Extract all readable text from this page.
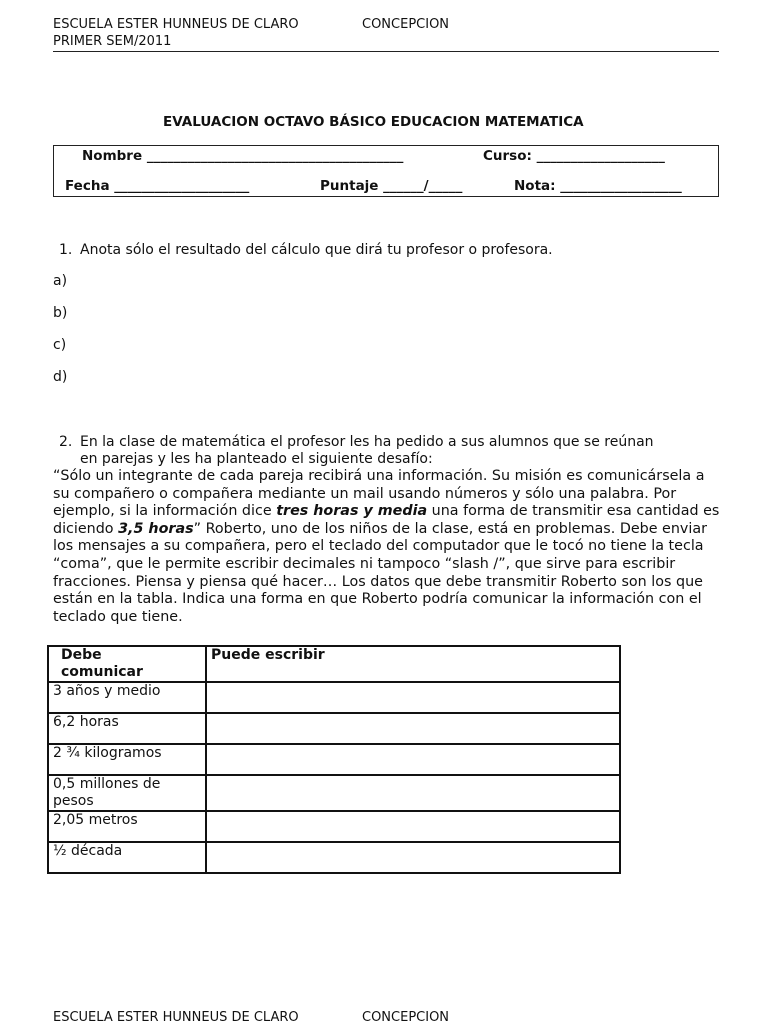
ESCUELA ESTER HUNNEUS DE CLARO	CONCEPCION
PRIMER SEM/2011
EVALUACION OCTAVO BÁSICO EDUCACION MATEMATICA
Nombre ______________________________________	Curso: ___________________
Fecha ____________________	Puntaje ______/_____	Nota: __________________
1. Anota sólo el resultado del cálculo que dirá tu profesor o profesora.
a)
b)
c)
d)
2. En la clase de matemática el profesor les ha pedido a sus alumnos que se reúnan
en parejas y les ha planteado el siguiente desafío:
“Sólo un integrante de cada pareja recibirá una información. Su misión es comunicársela a su compañero o compañera mediante un mail usando números y sólo una palabra. Por ejemplo, si la información dice tres horas y media una forma de transmitir esa cantidad es diciendo 3,5 horas” Roberto, uno de los niños de la clase, está en problemas. Debe enviar los mensajes a su compañera, pero el teclado del computador que le tocó no tiene la tecla “coma”, que le permite escribir decimales ni tampoco “slash /”, que sirve para escribir fracciones. Piensa y piensa qué hacer… Los datos que debe transmitir Roberto son los que están en la tabla. Indica una forma en que Roberto podría comunicar la información con el teclado que tiene.
Debe comunicar	Puede escribir
3 años y medio	
6,2 horas	
2 ¾ kilogramos	

0,5 millones de pesos	

2,05 metros	
½ década	
ESCUELA ESTER HUNNEUS DE CLARO	CONCEPCION
